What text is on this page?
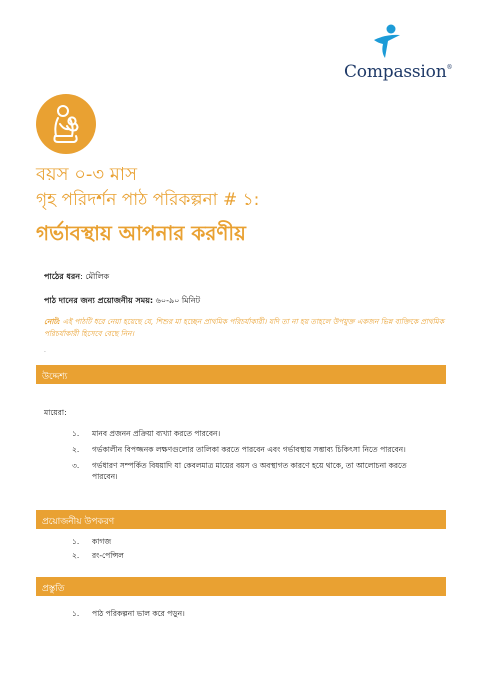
Compassion®
বয়স ০-৩ মাস
গৃহ পরিদর্শন পাঠ পরিকল্পনা # ১:
গর্ভাবস্থায় আপনার করণীয়
পাঠের ধরন: মৌলিক
পাঠ দানের জন্য প্রয়োজনীয় সময়: ৬০-৯০ মিনিট
নোট: এই পাঠটি ধরে নেয়া হয়েছে যে, শিশুর মা হচ্ছেন প্রাথমিক পরিচর্যাকারী। যদি তা না হয় তাহলে উপযুক্ত একজন ভিন্ন ব্যক্তিকে প্রাথমিক পরিচর্যাকারী হিসেবে বেছে নিন।
.
উদ্দেশ্য
মায়েরা:
১. মানব প্রজনন প্রক্রিয়া ব্যখ্যা করতে পারবেন।
২. গর্ভকালীন বিপজ্জনক লক্ষণগুলোর তালিকা করতে পারবেন এবং গর্ভাবস্থায় সম্ভাব্য চিকিৎসা নিতে পারবেন।
৩. গর্ভধারণ সম্পর্কিত বিষয়াদি যা কেবলমাত্র মায়ের বয়স ও অবস্থাগত কারণে হয়ে থাকে, তা আলোচনা করতে পারবেন।
প্রয়োজনীয় উপকরণ
১. কাগজ
২. রং-পেন্সিল
প্রস্তুতি
১. পাঠ পরিকল্পনা ভাল করে পড়ুন।
